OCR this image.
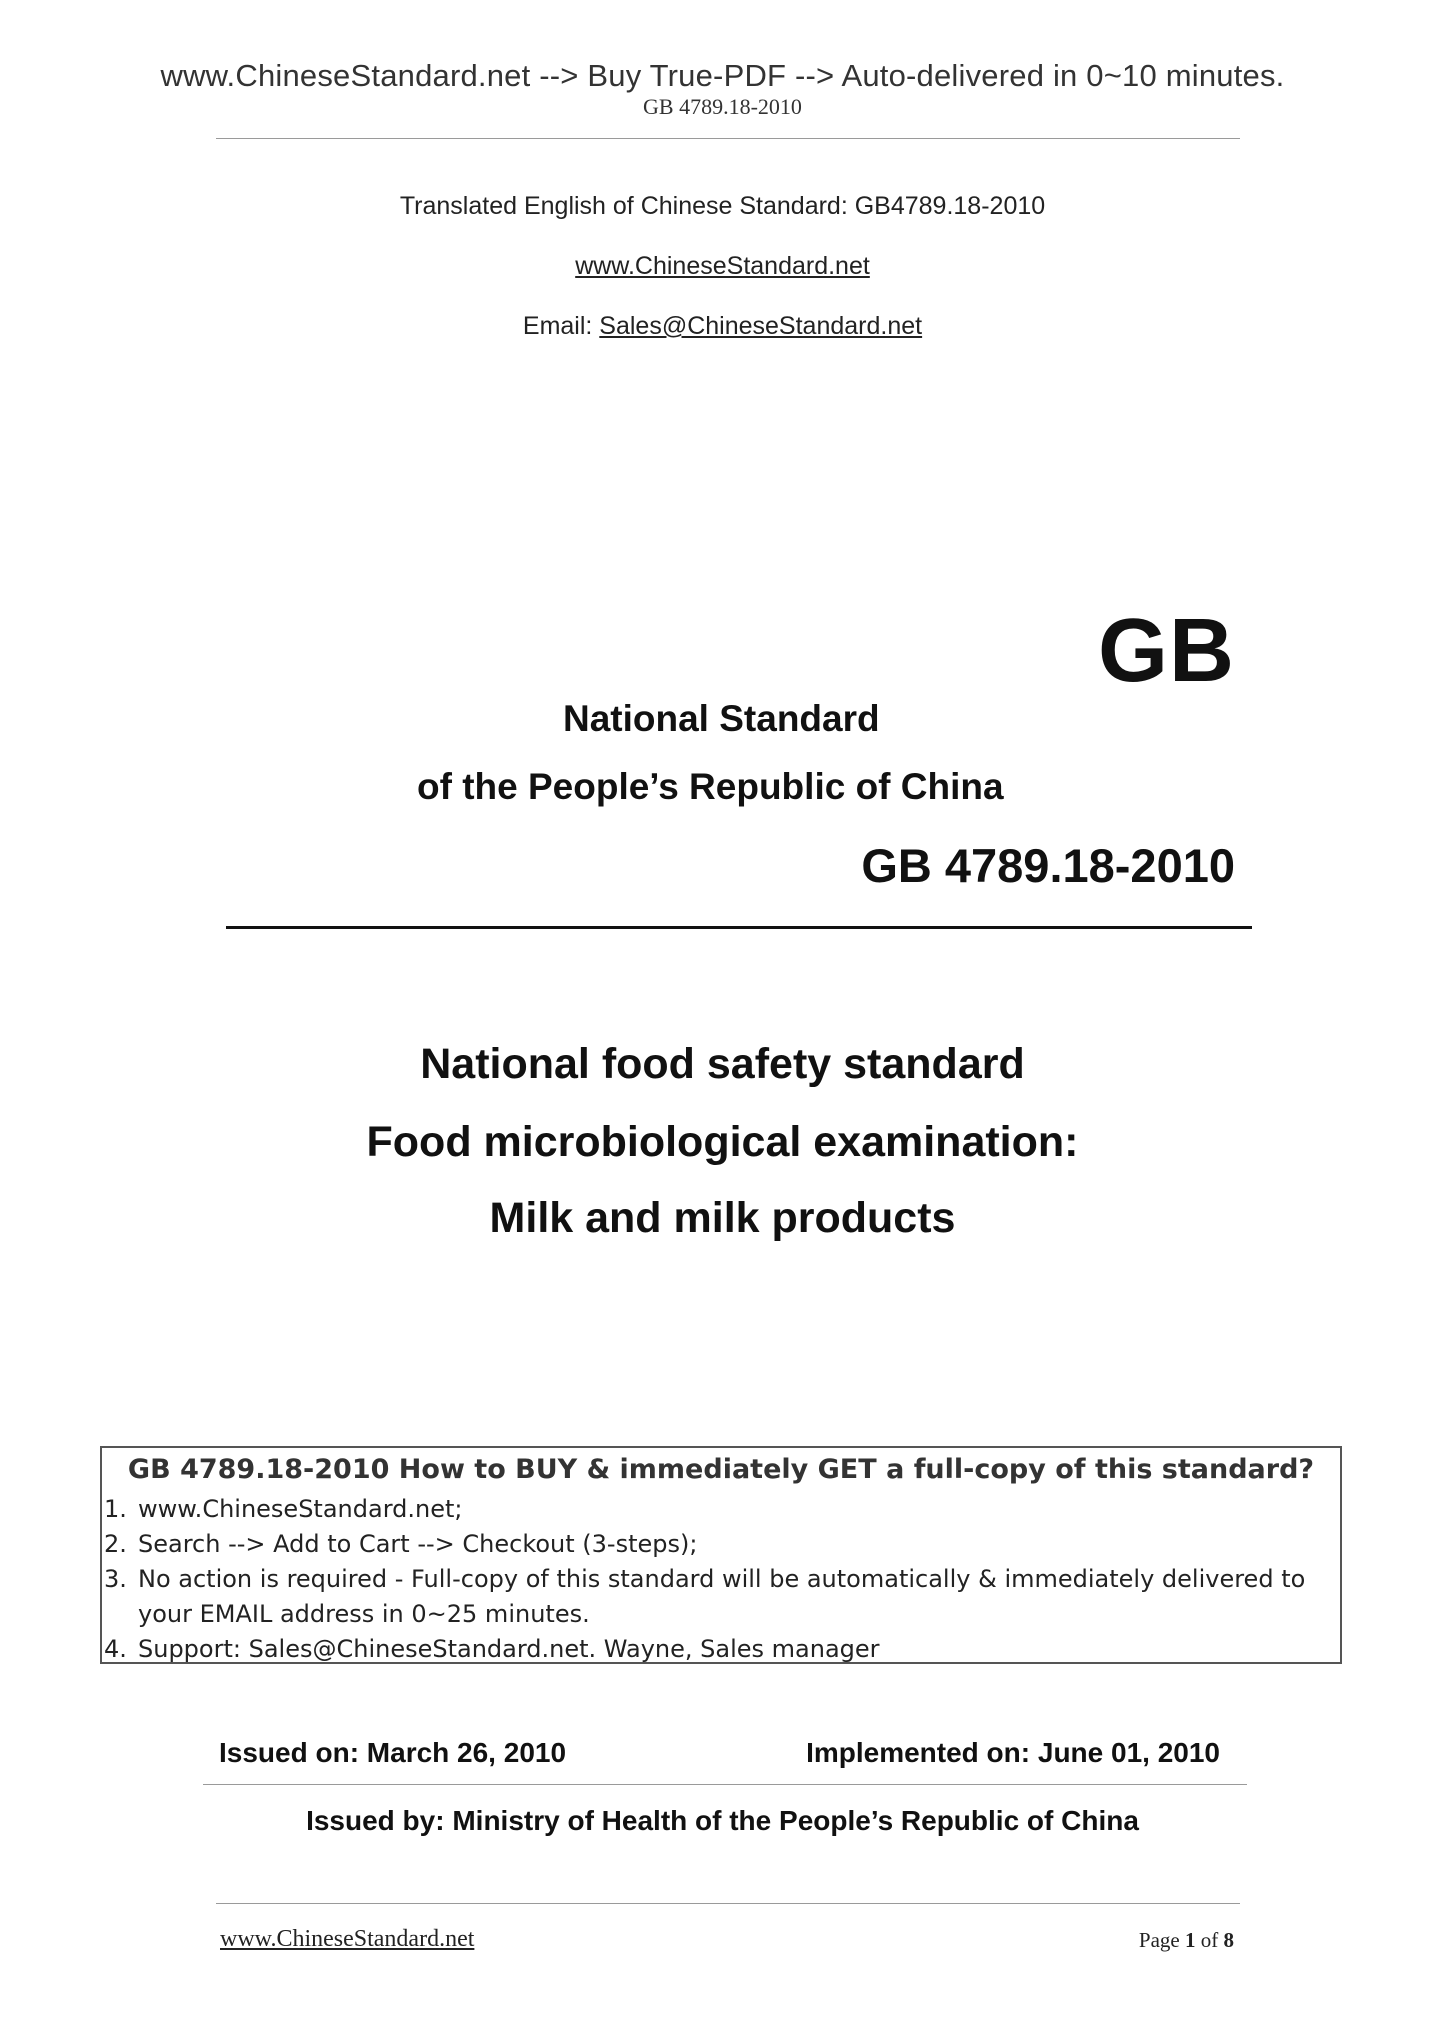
www.ChineseStandard.net --> Buy True-PDF --> Auto-delivered in 0~10 minutes.
GB 4789.18-2010
Translated English of Chinese Standard: GB4789.18-2010
www.ChineseStandard.net
Email: Sales@ChineseStandard.net
GB
National Standard
of the People’s Republic of China
GB 4789.18-2010
National food safety standard
Food microbiological examination:
Milk and milk products
GB 4789.18-2010 How to BUY & immediately GET a full-copy of this standard?
1. www.ChineseStandard.net;
2. Search --> Add to Cart --> Checkout (3-steps);
3. No action is required - Full-copy of this standard will be automatically & immediately delivered to your EMAIL address in 0~25 minutes.
4. Support: Sales@ChineseStandard.net. Wayne, Sales manager
Issued on: March 26, 2010	Implemented on: June 01, 2010
Issued by: Ministry of Health of the People’s Republic of China
www.ChineseStandard.net	Page 1 of 8
